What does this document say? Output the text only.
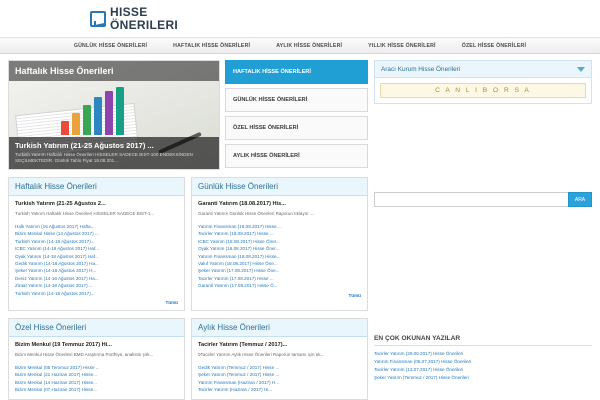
HISSE
ÖNERILERI
GÜNLÜK HİSSE ÖNERİLERİ	HAFTALIK HİSSE ÖNERİLERİ	AYLIK HİSSE ÖNERİLERİ	YILLIK HİSSE ÖNERİLERİ	ÖZEL HİSSE ÖNERİLERİ
Haftalık Hisse Önerileri
Turkish Yatırım (21-25 Ağustos 2017) ...
Turkish Yatırım Haftalık Hisse Önerileri HİSSELER SADECE BIST-100 ENDEKSİNDEN SEÇİLMEKTEDİR. Günlük Tablo Fiyat 18.08.201...
HAFTALIK HİSSE ÖNERİLERİ
GÜNLÜK HİSSE ÖNERİLERİ
ÖZEL HİSSE ÖNERİLERİ
AYLIK HİSSE ÖNERİLERİ
Haftalık Hisse Önerileri
Turkish Yatırım (21-25 Ağustos 2...
Turkish Yatırım Haftalık Hisse Önerileri HİSSELER SADECE BIST-1...
Halk Yatırım (16 Ağustos 2017) Hafta...
Bizim Menkul Hisse (14 Ağustos 2017) ...
Turkish Yatırım (14-18 Ağustos 2017)...
ICBC Yatırım (14-18 Ağustos 2017) Haf...
Oyak Yatırım (14-18 Ağustos 2017) Haf...
Gedik Yatırım (14-18 Ağustos 2017) Ha...
Şeker Yatırım (14-18 Ağustos 2017) H...
Deniz Yatırım (14-18 Ağustos 2017) Ha...
Ziraat Yatırım (14-18 Ağustos 2017) ...
Turkish Yatırım (14-18 Ağustos 2017)...
Tümü
Günlük Hisse Önerileri
Garanti Yatırım (18.08.2017) His...
Garanti Yatırım Günlük Hisse Önerileri Raporun tıklayın ....
Yatırım Finansman (18.08.2017) Hisse ...
Tacirler Yatırım (18.08.2017) Hisse ...
ICBC Yatırım (18.08.2017) Hisse Öner...
Oyak Yatırım (18.08.2017) Hisse Öner...
Yatırım Finansman (18.08.2017) Hisse...
Vakıf Yatırım (18.08.2017) Hisse Öne...
Şeker Yatırım (17.08.2017) Hisse Öne...
Tacirler Yatırım (17.08.2017) Hisse ...
Garanti Yatırım (17.08.2017) Hisse Ö...
Tümü
Özel Hisse Önerileri
Bizim Menkul (19 Temmuz 2017) Hi...
Bizim Menkul Hisse Önerileri BMD Araştırma Portföyü, analistin şirk...
Bizim Menkul (05 Temmuz 2017) Hisse ...
Bizim Menkul (21 Haziran 2017) Hisse...
Bizim Menkul (14 Haziran 2017) Hisse...
Bizim Menkul (07 Haziran 2017) Hisse...
Aylık Hisse Önerileri
Tacirler Yatırım (Temmuz / 2017)...
0Tacirler Yatırım Aylık Hisse Önerileri Raporun tamamı için tık...
Gedik Yatırım (Temmuz / 2017) Hisse ...
Şeker Yatırım (Temmuz / 2017) Hisse ...
Yatırım Finansman (Haziran / 2017) H...
Tacirler Yatırım (Haziran / 2017) Hi...
Aracı Kurum Hisse Önerileri
C A N L I B O R S A
ARA
EN ÇOK OKUNAN YAZILAR
Tacirler Yatırım (29.06.2017) Hisse Önerileri
Yatırım Finansman (05.07.2017) Hisse Önerileri
Tacirler Yatırım (13.07.2017) Hisse Önerileri
Şeker Yatırım (Temmuz / 2017) Hisse Önerileri
